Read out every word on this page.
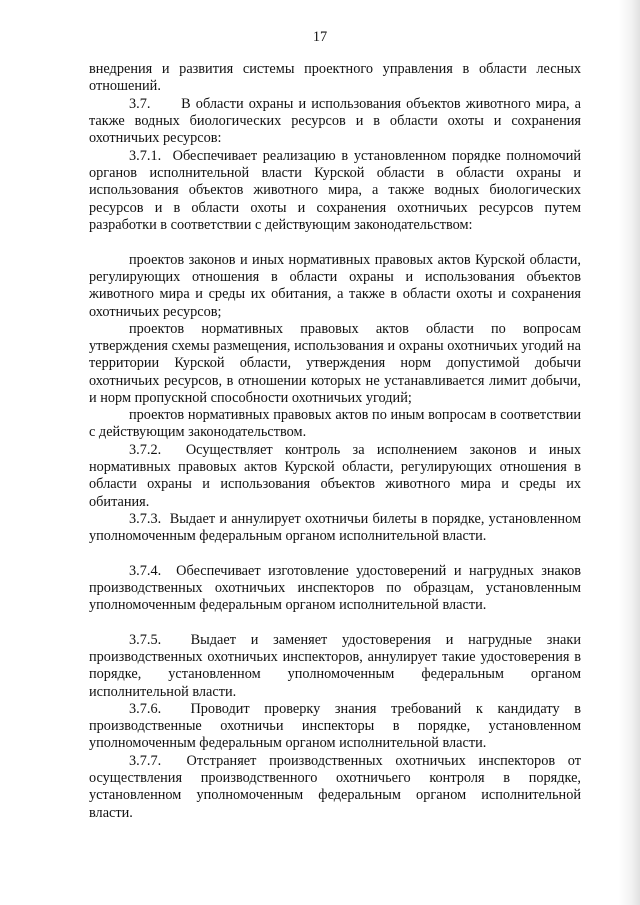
17

внедрения и развития системы проектного управления в области лесных отношений.

3.7.      В области охраны и использования объектов животного мира, а также водных биологических ресурсов и в области охоты и сохранения охотничьих ресурсов:

3.7.1.  Обеспечивает реализацию в установленном порядке полномочий органов исполнительной власти Курской области в области охраны и использования объектов животного мира, а также водных биологических ресурсов и в области охоты и сохранения охотничьих ресурсов путем разработки в соответствии с действующим законодательством:

проектов законов и иных нормативных правовых актов Курской области, регулирующих отношения в области охраны и использования объектов животного мира и среды их обитания, а также в области охоты и сохранения охотничьих ресурсов;

проектов нормативных правовых актов области по вопросам утверждения схемы размещения, использования и охраны охотничьих угодий на территории Курской области, утверждения норм допустимой добычи охотничьих ресурсов, в отношении которых не устанавливается лимит добычи, и норм пропускной способности охотничьих угодий;

проектов нормативных правовых актов по иным вопросам в соответствии с действующим законодательством.

3.7.2.  Осуществляет контроль за исполнением законов и иных нормативных правовых актов Курской области, регулирующих отношения в области охраны и использования объектов животного мира и среды их обитания.

3.7.3.  Выдает и аннулирует охотничьи билеты в порядке, установленном уполномоченным федеральным органом исполнительной власти.

3.7.4.  Обеспечивает изготовление удостоверений и нагрудных знаков производственных охотничьих инспекторов по образцам, установленным уполномоченным федеральным органом исполнительной власти.

3.7.5.  Выдает и заменяет удостоверения и нагрудные знаки производственных охотничьих инспекторов, аннулирует такие удостоверения в порядке, установленном уполномоченным федеральным органом исполнительной власти.

3.7.6.  Проводит проверку знания требований к кандидату в производственные охотничьи инспекторы в порядке, установленном уполномоченным федеральным органом исполнительной власти.

3.7.7.  Отстраняет производственных охотничьих инспекторов от осуществления производственного охотничьего контроля в порядке, установленном уполномоченным федеральным органом исполнительной власти.
